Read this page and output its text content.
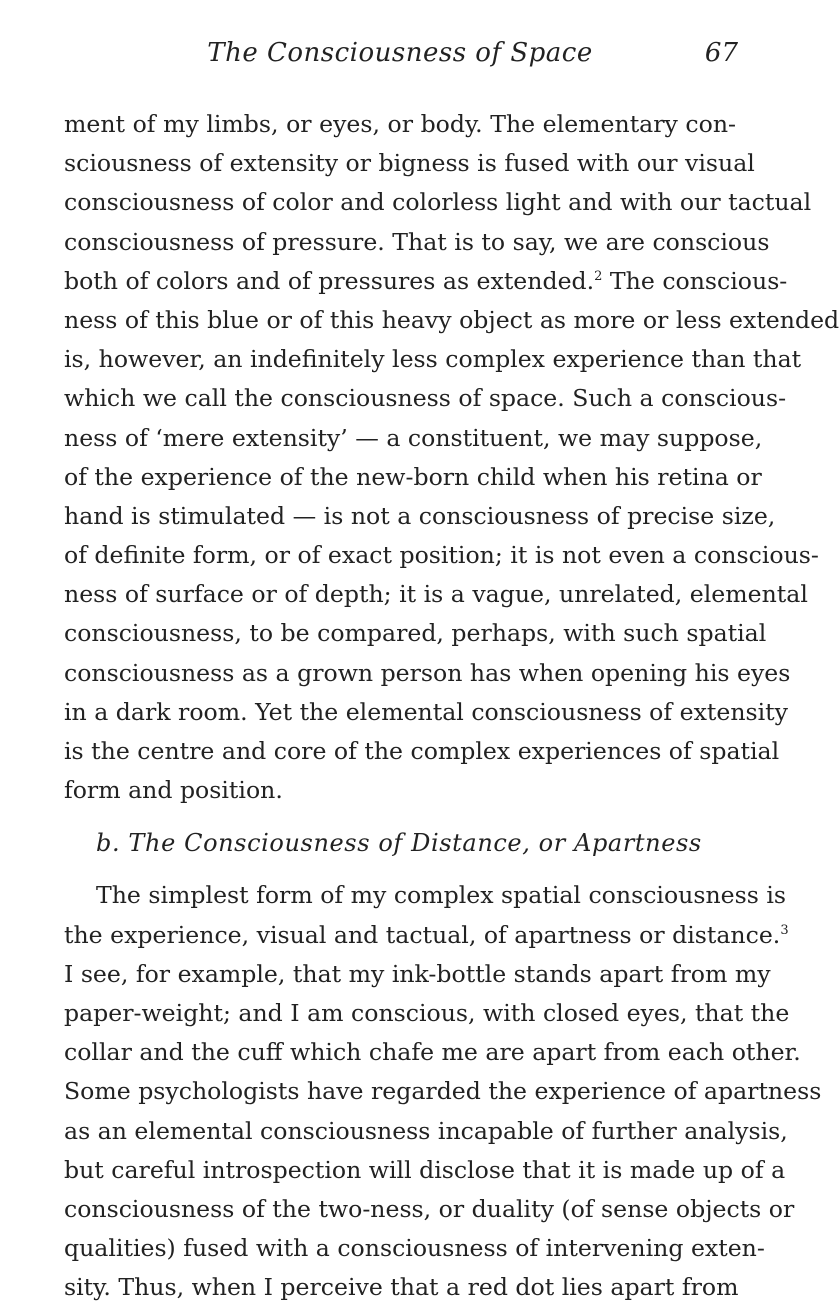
The Consciousness of Space	67
ment of my limbs, or eyes, or body. The elementary con-
sciousness of extensity or bigness is fused with our visual
consciousness of color and colorless light and with our tactual
consciousness of pressure. That is to say, we are conscious
both of colors and of pressures as extended.$^2$ The conscious-
ness of this blue or of this heavy object as more or less extended
is, however, an indefinitely less complex experience than that
which we call the consciousness of space. Such a conscious-
ness of ‘mere extensity’ — a constituent, we may suppose,
of the experience of the new-born child when his retina or
hand is stimulated — is not a consciousness of precise size,
of definite form, or of exact position; it is not even a conscious-
ness of surface or of depth; it is a vague, unrelated, elemental
consciousness, to be compared, perhaps, with such spatial
consciousness as a grown person has when opening his eyes
in a dark room. Yet the elemental consciousness of extensity
is the centre and core of the complex experiences of spatial
form and position.
b. The Consciousness of Distance, or Apartness
The simplest form of my complex spatial consciousness is
the experience, visual and tactual, of apartness or distance.$^3$
I see, for example, that my ink-bottle stands apart from my
paper-weight; and I am conscious, with closed eyes, that the
collar and the cuff which chafe me are apart from each other.
Some psychologists have regarded the experience of apartness
as an elemental consciousness incapable of further analysis,
but careful introspection will disclose that it is made up of a
consciousness of the two-ness, or duality (of sense objects or
qualities) fused with a consciousness of intervening exten-
sity. Thus, when I perceive that a red dot lies apart from
